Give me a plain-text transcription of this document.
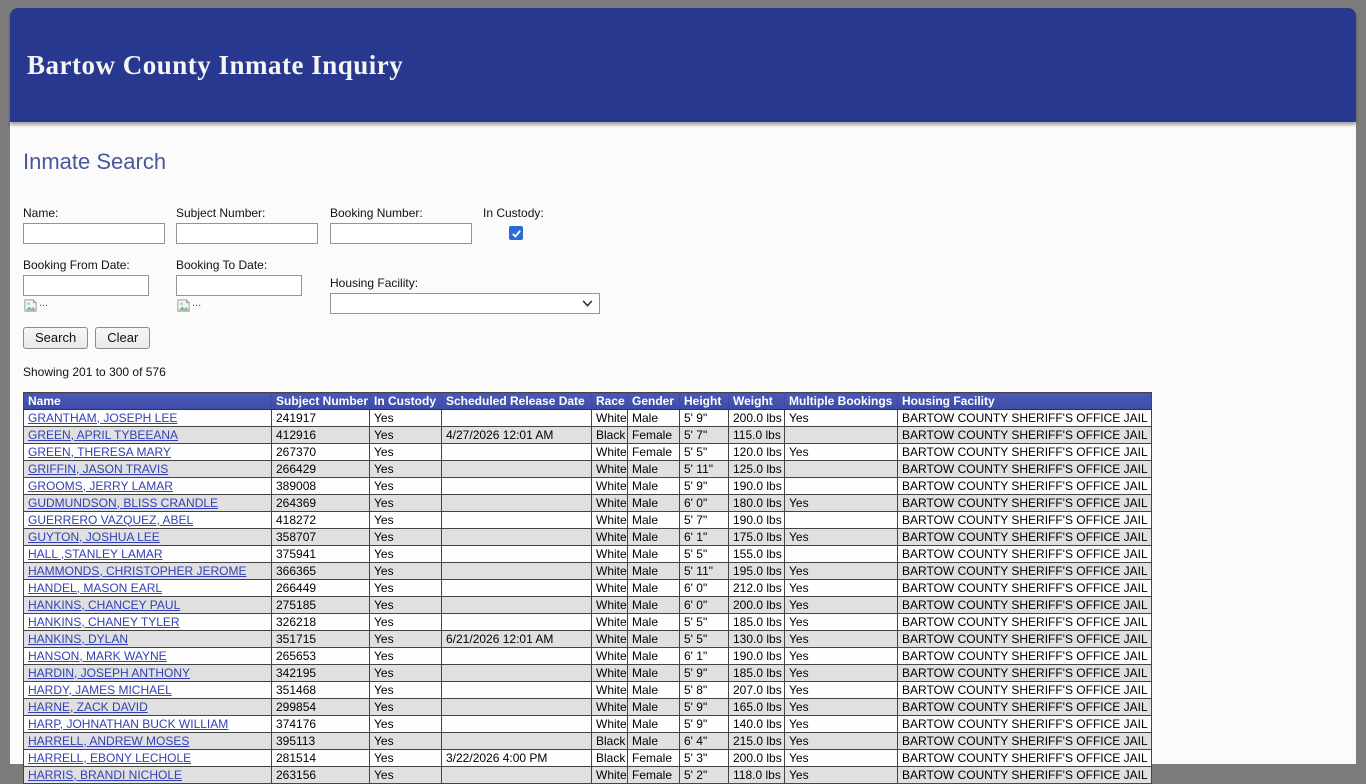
Bartow County Inmate Inquiry
Inmate Search
Name:	Subject Number:	Booking Number:	In Custody:
Booking From Date:
...
Booking To Date:
...
Housing Facility:
Search	Clear
Showing 201 to 300 of 576
Name	Subject Number	In Custody	Scheduled Release Date	Race	Gender	Height	Weight	Multiple Bookings	Housing Facility
GRANTHAM, JOSEPH LEE	241917	Yes		White	Male	5' 9"	200.0 lbs	Yes	BARTOW COUNTY SHERIFF'S OFFICE JAIL
GREEN, APRIL TYBEEANA	412916	Yes	4/27/2026 12:01 AM	Black	Female	5' 7"	115.0 lbs		BARTOW COUNTY SHERIFF'S OFFICE JAIL
GREEN, THERESA MARY	267370	Yes		White	Female	5' 5"	120.0 lbs	Yes	BARTOW COUNTY SHERIFF'S OFFICE JAIL
GRIFFIN, JASON TRAVIS	266429	Yes		White	Male	5' 11"	125.0 lbs		BARTOW COUNTY SHERIFF'S OFFICE JAIL
GROOMS, JERRY LAMAR	389008	Yes		White	Male	5' 9"	190.0 lbs		BARTOW COUNTY SHERIFF'S OFFICE JAIL
GUDMUNDSON, BLISS CRANDLE	264369	Yes		White	Male	6' 0"	180.0 lbs	Yes	BARTOW COUNTY SHERIFF'S OFFICE JAIL
GUERRERO VAZQUEZ, ABEL	418272	Yes		White	Male	5' 7"	190.0 lbs		BARTOW COUNTY SHERIFF'S OFFICE JAIL
GUYTON, JOSHUA LEE	358707	Yes		White	Male	6' 1"	175.0 lbs	Yes	BARTOW COUNTY SHERIFF'S OFFICE JAIL
HALL ,STANLEY LAMAR	375941	Yes		White	Male	5' 5"	155.0 lbs		BARTOW COUNTY SHERIFF'S OFFICE JAIL
HAMMONDS, CHRISTOPHER JEROME	366365	Yes		White	Male	5' 11"	195.0 lbs	Yes	BARTOW COUNTY SHERIFF'S OFFICE JAIL
HANDEL, MASON EARL	266449	Yes		White	Male	6' 0"	212.0 lbs	Yes	BARTOW COUNTY SHERIFF'S OFFICE JAIL
HANKINS, CHANCEY PAUL	275185	Yes		White	Male	6' 0"	200.0 lbs	Yes	BARTOW COUNTY SHERIFF'S OFFICE JAIL
HANKINS, CHANEY TYLER	326218	Yes		White	Male	5' 5"	185.0 lbs	Yes	BARTOW COUNTY SHERIFF'S OFFICE JAIL
HANKINS, DYLAN	351715	Yes	6/21/2026 12:01 AM	White	Male	5' 5"	130.0 lbs	Yes	BARTOW COUNTY SHERIFF'S OFFICE JAIL
HANSON, MARK WAYNE	265653	Yes		White	Male	6' 1"	190.0 lbs	Yes	BARTOW COUNTY SHERIFF'S OFFICE JAIL
HARDIN, JOSEPH ANTHONY	342195	Yes		White	Male	5' 9"	185.0 lbs	Yes	BARTOW COUNTY SHERIFF'S OFFICE JAIL
HARDY, JAMES MICHAEL	351468	Yes		White	Male	5' 8"	207.0 lbs	Yes	BARTOW COUNTY SHERIFF'S OFFICE JAIL
HARNE, ZACK DAVID	299854	Yes		White	Male	5' 9"	165.0 lbs	Yes	BARTOW COUNTY SHERIFF'S OFFICE JAIL
HARP, JOHNATHAN BUCK WILLIAM	374176	Yes		White	Male	5' 9"	140.0 lbs	Yes	BARTOW COUNTY SHERIFF'S OFFICE JAIL
HARRELL, ANDREW MOSES	395113	Yes		Black	Male	6' 4"	215.0 lbs	Yes	BARTOW COUNTY SHERIFF'S OFFICE JAIL
HARRELL, EBONY LECHOLE	281514	Yes	3/22/2026 4:00 PM	Black	Female	5' 3"	200.0 lbs	Yes	BARTOW COUNTY SHERIFF'S OFFICE JAIL
HARRIS, BRANDI NICHOLE	263156	Yes		White	Female	5' 2"	118.0 lbs	Yes	BARTOW COUNTY SHERIFF'S OFFICE JAIL
